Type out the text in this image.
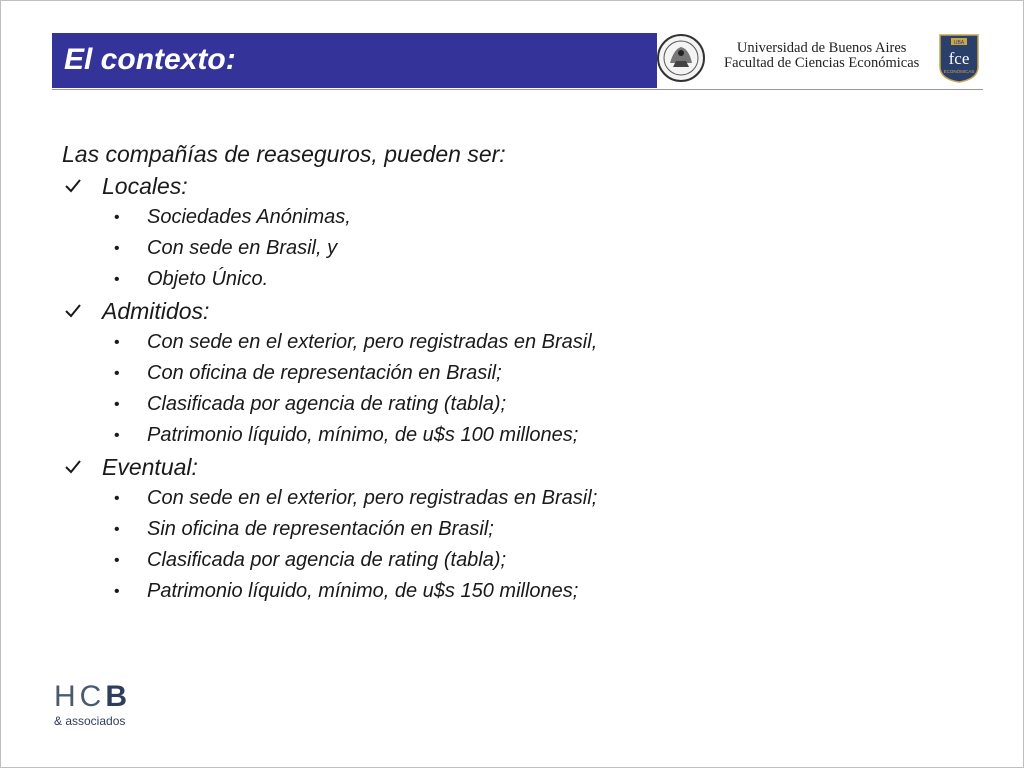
El contexto:	Universidad de Buenos Aires
Facultad de Ciencias Económicas
UBA
fce
ECONÓMICAS

Las compañías de reaseguros, pueden ser:

Locales:
• Sociedades Anónimas,
• Con sede en Brasil, y
• Objeto Único.
Admitidos:
• Con sede en el exterior, pero registradas en Brasil,
• Con oficina de representación en Brasil;
• Clasificada por agencia de rating (tabla);
• Patrimonio líquido, mínimo, de u$s 100 millones;
Eventual:
• Con sede en el exterior, pero registradas en Brasil;
• Sin oficina de representación en Brasil;
• Clasificada por agencia de rating (tabla);
• Patrimonio líquido, mínimo, de u$s 150 millones;
HCB
& associados
